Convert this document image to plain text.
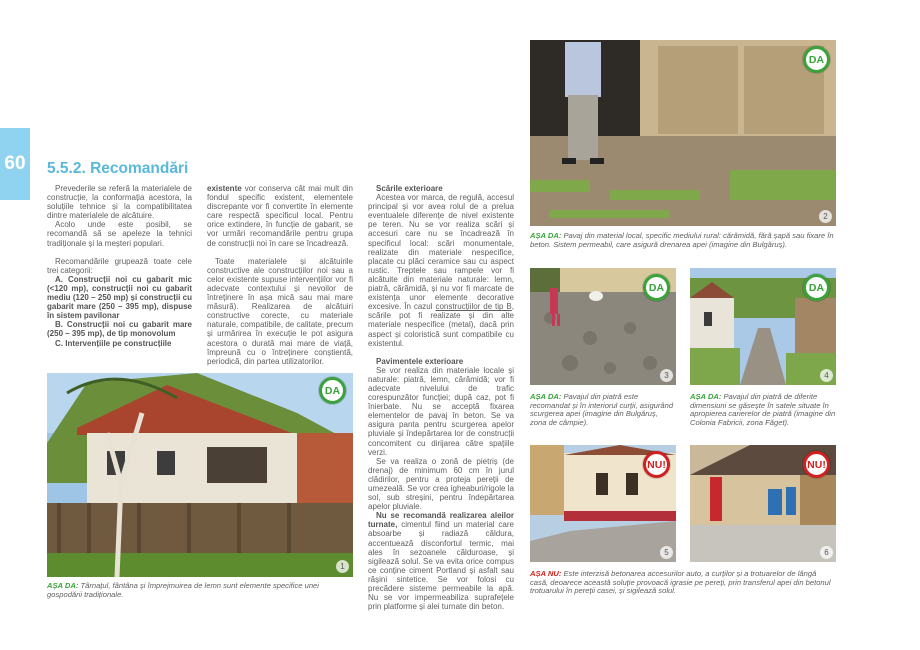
60 5.5.2. Recomandări

Prevederile se referă la materialele de construcție, la conformația acestora, la soluțiile tehnice și la compatibilitatea dintre materialele de alcătuire.

Acolo unde este posibil, se recomandă să se apeleze la tehnici tradiționale și la meșteri populari.

Recomandările grupează toate cele trei categorii:

A. Construcții noi cu gabarit mic (<120 mp), construcții noi cu gabarit mediu (120 – 250 mp) și construcții cu gabarit mare (250 – 395 mp), dispuse în sistem pavilonar

B. Construcții noi cu gabarit mare (250 – 395 mp), de tip monovolum

C. Intervențiile pe construcțiile

existente vor conserva cât mai mult din fondul specific existent, elementele discrepante vor fi convertite în elemente care respectă specificul local. Pentru orice extindere, în funcție de gabarit, se vor urmări recomandările pentru grupa de construcții noi în care se încadrează.

Toate materialele și alcătuirile constructive ale construcțiilor noi sau a celor existente supuse intervențiilor vor fi adecvate contextului și nevoilor de întreținere în așa mică sau mai mare măsură). Realizarea de alcătuiri constructive corecte, cu materiale naturale, compatibile, de calitate, precum și urmărirea în execuție le pot asigura acestora o durată mai mare de viață, împreună cu o întreținere conștientă, periodică, din partea utilizatorilor.

Scările exterioare

Acestea vor marca, de regulă, accesul principal și vor avea rolul de a prelua eventualele diferențe de nivel existente pe teren. Nu se vor realiza scări și accesuri care nu se încadrează în specificul local: scări monumentale, realizate din materiale nespecifice, placate cu plăci ceramice sau cu aspect rustic. Treptele sau rampele vor fi alcătuite din materiale naturale: lemn, piatră, cărămidă, și nu vor fi marcate de existența unor elemente decorative excesive. În cazul construcțiilor de tip B, scările pot fi realizate și din alte materiale nespecifice (metal), dacă prin aspect și coloristică sunt compatibile cu existentul.

Pavimentele exterioare

Se vor realiza din materiale locale și naturale: piatră, lemn, cărămidă; vor fi adecvate nivelului de trafic corespunzător funcției; după caz, pot fi înierbate. Nu se acceptă fixarea elementelor de pavaj în beton. Se va asigura panta pentru scurgerea apelor pluviale și îndepărtarea lor de construcții concomitent cu dirijarea către spațiile verzi.

Se va realiza o zonă de pietriș (de drenaj) de minimum 60 cm în jurul clădirilor, pentru a proteja pereții de umezeală. Se vor crea igheaburi/rigole la sol, sub streșini, pentru îndepărtarea apelor pluviale.

Nu se recomandă realizarea aleilor turnate, cimentul fiind un material care absoarbe și radiază căldura, accentuează disconfortul termic, mai ales în sezoanele călduroase, și sigilează solul. Se va evita orice compus ce conține ciment Portland și asfalt sau rășini sintetice. Se vor folosi cu precădere sisteme permeabile la apă. Nu se vor impermeabiliza suprafețele prin platforme și alei turnate din beton.

DA
1
AȘA DA: Târnațul, fântâna și împrejmuirea de lemn sunt elemente specifice unei gospodării tradiționale.
DA
2
AȘA DA: Pavaj din material local, specific mediului rural: cărămidă, fără șapă sau fixare în beton. Sistem permeabil, care asigură drenarea apei (imagine din Bulgăruș).
DA
3
AȘA DA: Pavajul din piatră este recomandat și în interiorul curții, asigurând scurgerea apei (imagine din Bulgăruș, zona de câmpie).
DA
4
AȘA DA: Pavajul din piatră de diferite dimensiuni se găsește în satele situate în apropierea carierelor de piatră (imagine din Colonia Fabricii, zona Făget).
NU!
5
NU!
6
AȘA NU: Este interzisă betonarea accesurilor auto, a curților și a trotuarelor de lângă casă, deoarece această soluție provoacă igrasie pe pereți, prin transferul apei din betonul trotuarului în pereții casei, și sigilează solul.
